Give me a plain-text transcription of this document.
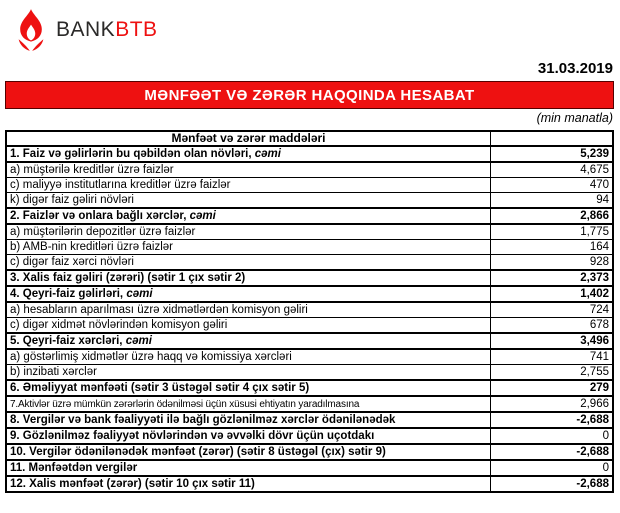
BANKBTB
31.03.2019
MƏNFƏƏT VƏ ZƏRƏR HAQQINDA HESABAT
(min manatla)
Mənfəət və zərər maddələri	
1. Faiz və gəlirlərin bu qəbildən olan növləri, cəmi	5,239
a) müştərilə kreditlər üzrə faizlər	4,675
c) maliyyə institutlarına kreditlər üzrə faizlər	470
k) digər faiz gəliri növləri	94
2. Faizlər və onlara bağlı xərclər, cəmi	2,866
a) müştərilərin depozitlər üzrə faizlər	1,775
b) AMB-nin kreditləri üzrə faizlər	164
c) digər faiz xərci növləri	928
3. Xalis faiz gəliri (zərəri) (sətir 1 çıx sətir 2)	2,373
4. Qeyri-faiz gəlirləri, cəmi	1,402
a) hesabların aparılması üzrə xidmətlərdən komisyon gəliri	724
c) digər xidmət növlərindən komisyon gəliri	678
5. Qeyri-faiz xərcləri, cəmi	3,496
a) göstərlimiş xidmətlər üzrə haqq və komissiya xərcləri	741
b) inzibati xərclər	2,755
6. Əməliyyat mənfəəti (sətir 3 üstəgəl sətir 4 çıx sətir 5)	279
7.Aktivlər üzrə mümkün zərərlərin ödənilməsi üçün xüsusi ehtiyatın yaradılmasına	2,966
8. Vergilər və bank fəaliyyəti ilə bağlı gözlənilməz xərclər ödənilənədək	-2,688
9. Gözlənilməz fəaliyyət növlərindən və əvvəlki dövr üçün uçotdakı	0
10. Vergilər ödənilənədək mənfəət (zərər) (sətir 8 üstəgəl (çıx) sətir 9)	-2,688
11. Mənfəətdən vergilər	0
12. Xalis mənfəət (zərər) (sətir 10 çıx sətir 11)	-2,688
